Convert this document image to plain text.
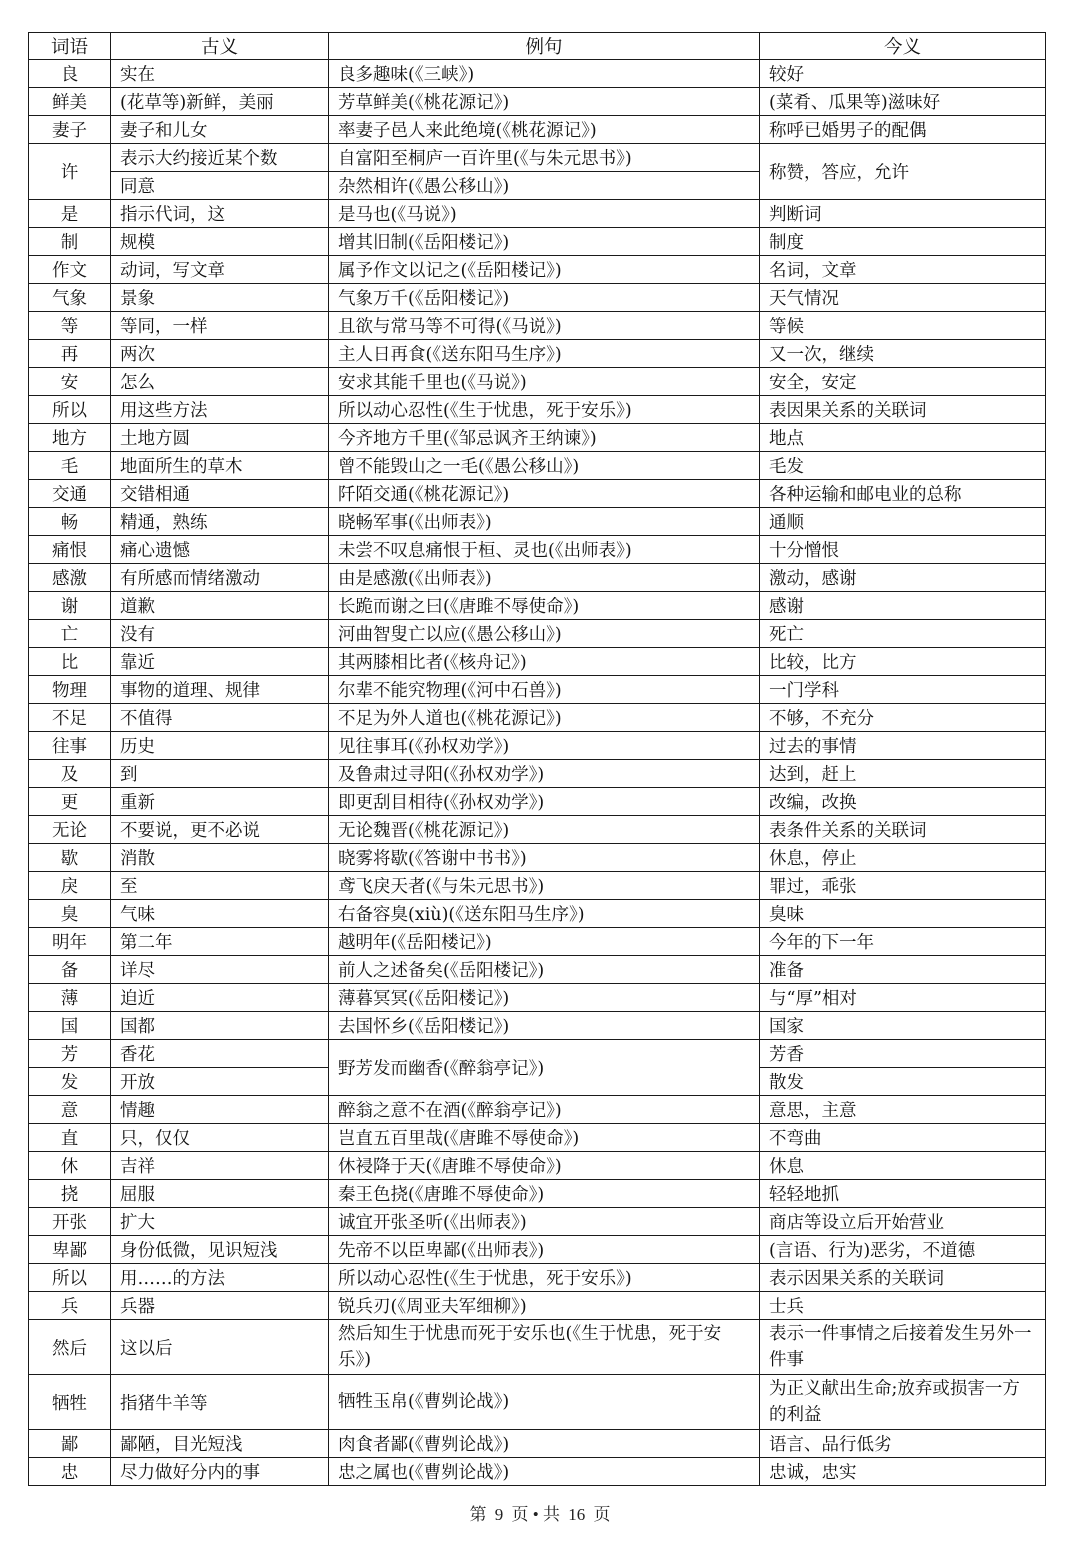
词语	古义	例句	今义
良	实在	良多趣味(《三峡》)	较好
鲜美	(花草等)新鲜，美丽	芳草鲜美(《桃花源记》)	(菜肴、瓜果等)滋味好
妻子	妻子和儿女	率妻子邑人来此绝境(《桃花源记》)	称呼已婚男子的配偶
许	表示大约接近某个数	自富阳至桐庐一百许里(《与朱元思书》)	称赞，答应，允许
	同意	杂然相许(《愚公移山》)	
是	指示代词，这	是马也(《马说》)	判断词
制	规模	增其旧制(《岳阳楼记》)	制度
作文	动词，写文章	属予作文以记之(《岳阳楼记》)	名词，文章
气象	景象	气象万千(《岳阳楼记》)	天气情况
等	等同，一样	且欲与常马等不可得(《马说》)	等候
再	两次	主人日再食(《送东阳马生序》)	又一次，继续
安	怎么	安求其能千里也(《马说》)	安全，安定
所以	用这些方法	所以动心忍性(《生于忧患，死于安乐》)	表因果关系的关联词
地方	土地方圆	今齐地方千里(《邹忌讽齐王纳谏》)	地点
毛	地面所生的草木	曾不能毁山之一毛(《愚公移山》)	毛发
交通	交错相通	阡陌交通(《桃花源记》)	各种运输和邮电业的总称
畅	精通，熟练	晓畅军事(《出师表》)	通顺
痛恨	痛心遗憾	未尝不叹息痛恨于桓、灵也(《出师表》)	十分憎恨
感激	有所感而情绪激动	由是感激(《出师表》)	激动，感谢
谢	道歉	长跪而谢之曰(《唐雎不辱使命》)	感谢
亡	没有	河曲智叟亡以应(《愚公移山》)	死亡
比	靠近	其两膝相比者(《核舟记》)	比较，比方
物理	事物的道理、规律	尔辈不能究物理(《河中石兽》)	一门学科
不足	不值得	不足为外人道也(《桃花源记》)	不够，不充分
往事	历史	见往事耳(《孙权劝学》)	过去的事情
及	到	及鲁肃过寻阳(《孙权劝学》)	达到，赶上
更	重新	即更刮目相待(《孙权劝学》)	改编，改换
无论	不要说，更不必说	无论魏晋(《桃花源记》)	表条件关系的关联词
歇	消散	晓雾将歇(《答谢中书书》)	休息，停止
戾	至	鸢飞戾天者(《与朱元思书》)	罪过，乖张
臭	气味	右备容臭(xiù)(《送东阳马生序》)	臭味
明年	第二年	越明年(《岳阳楼记》)	今年的下一年
备	详尽	前人之述备矣(《岳阳楼记》)	准备
薄	迫近	薄暮冥冥(《岳阳楼记》)	与“厚”相对
国	国都	去国怀乡(《岳阳楼记》)	国家
芳	香花	野芳发而幽香(《醉翁亭记》)	芳香
发	开放		散发
意	情趣	醉翁之意不在酒(《醉翁亭记》)	意思，主意
直	只，仅仅	岂直五百里哉(《唐雎不辱使命》)	不弯曲
休	吉祥	休祲降于天(《唐雎不辱使命》)	休息
挠	屈服	秦王色挠(《唐雎不辱使命》)	轻轻地抓
开张	扩大	诚宜开张圣听(《出师表》)	商店等设立后开始营业
卑鄙	身份低微，见识短浅	先帝不以臣卑鄙(《出师表》)	(言语、行为)恶劣，不道德
所以	用……的方法	所以动心忍性(《生于忧患，死于安乐》)	表示因果关系的关联词
兵	兵器	锐兵刃(《周亚夫军细柳》)	士兵
然后	这以后	然后知生于忧患而死于安乐也(《生于忧患，死于安乐》)	表示一件事情之后接着发生另外一件事
牺牲	指猪牛羊等	牺牲玉帛(《曹刿论战》)	为正义献出生命;放弃或损害一方的利益
鄙	鄙陋，目光短浅	肉食者鄙(《曹刿论战》)	语言、品行低劣
忠	尽力做好分内的事	忠之属也(《曹刿论战》)	忠诚，忠实
第 9 页 • 共 16 页
